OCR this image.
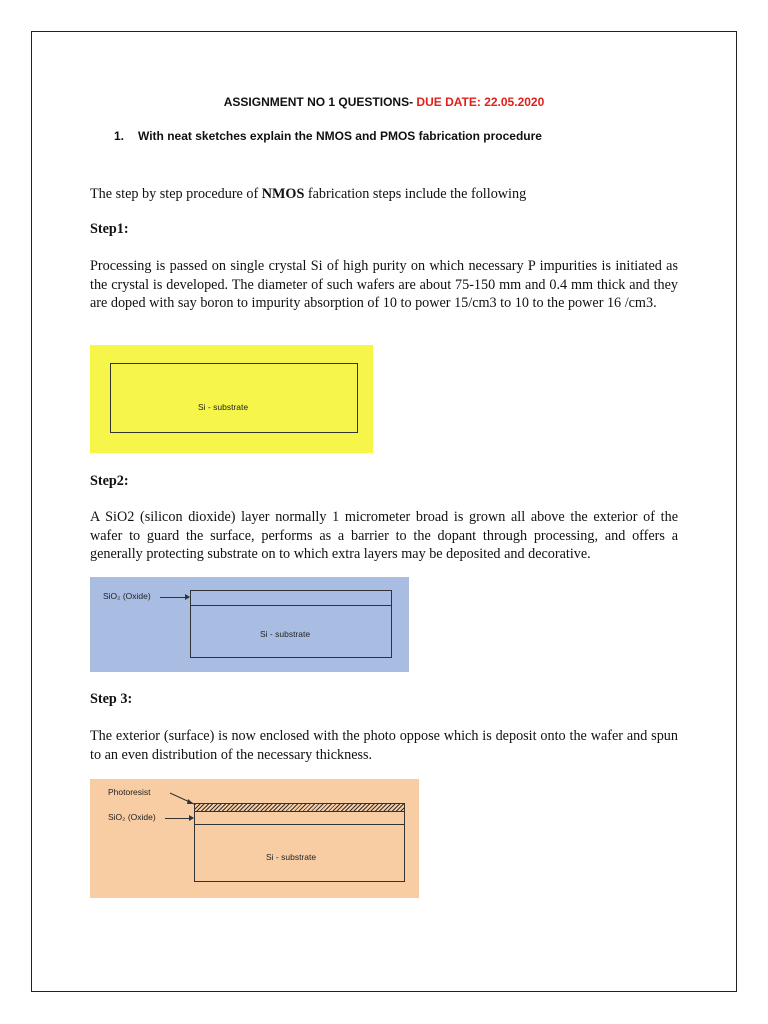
ASSIGNMENT NO 1 QUESTIONS- DUE DATE: 22.05.2020
1. With neat sketches explain the NMOS and PMOS fabrication procedure
The step by step procedure of NMOS fabrication steps include the following
Step1:
Processing is passed on single crystal Si of high purity on which necessary P impurities is initiated as the crystal is developed. The diameter of such wafers are about 75-150 mm and 0.4 mm thick and they are doped with say boron to impurity absorption of 10 to power 15/cm3 to 10 to the power 16 /cm3.
Si - substrate
Step2:
A SiO2 (silicon dioxide) layer normally 1 micrometer broad is grown all above the exterior of the wafer to guard the surface, performs as a barrier to the dopant through processing, and offers a generally protecting substrate on to which extra layers may be deposited and decorative.
SiO₂ (Oxide)
Si - substrate
Step 3:
The exterior (surface) is now enclosed with the photo oppose which is deposit onto the wafer and spun to an even distribution of the necessary thickness.
Photoresist
SiO₂ (Oxide)
Si - substrate
